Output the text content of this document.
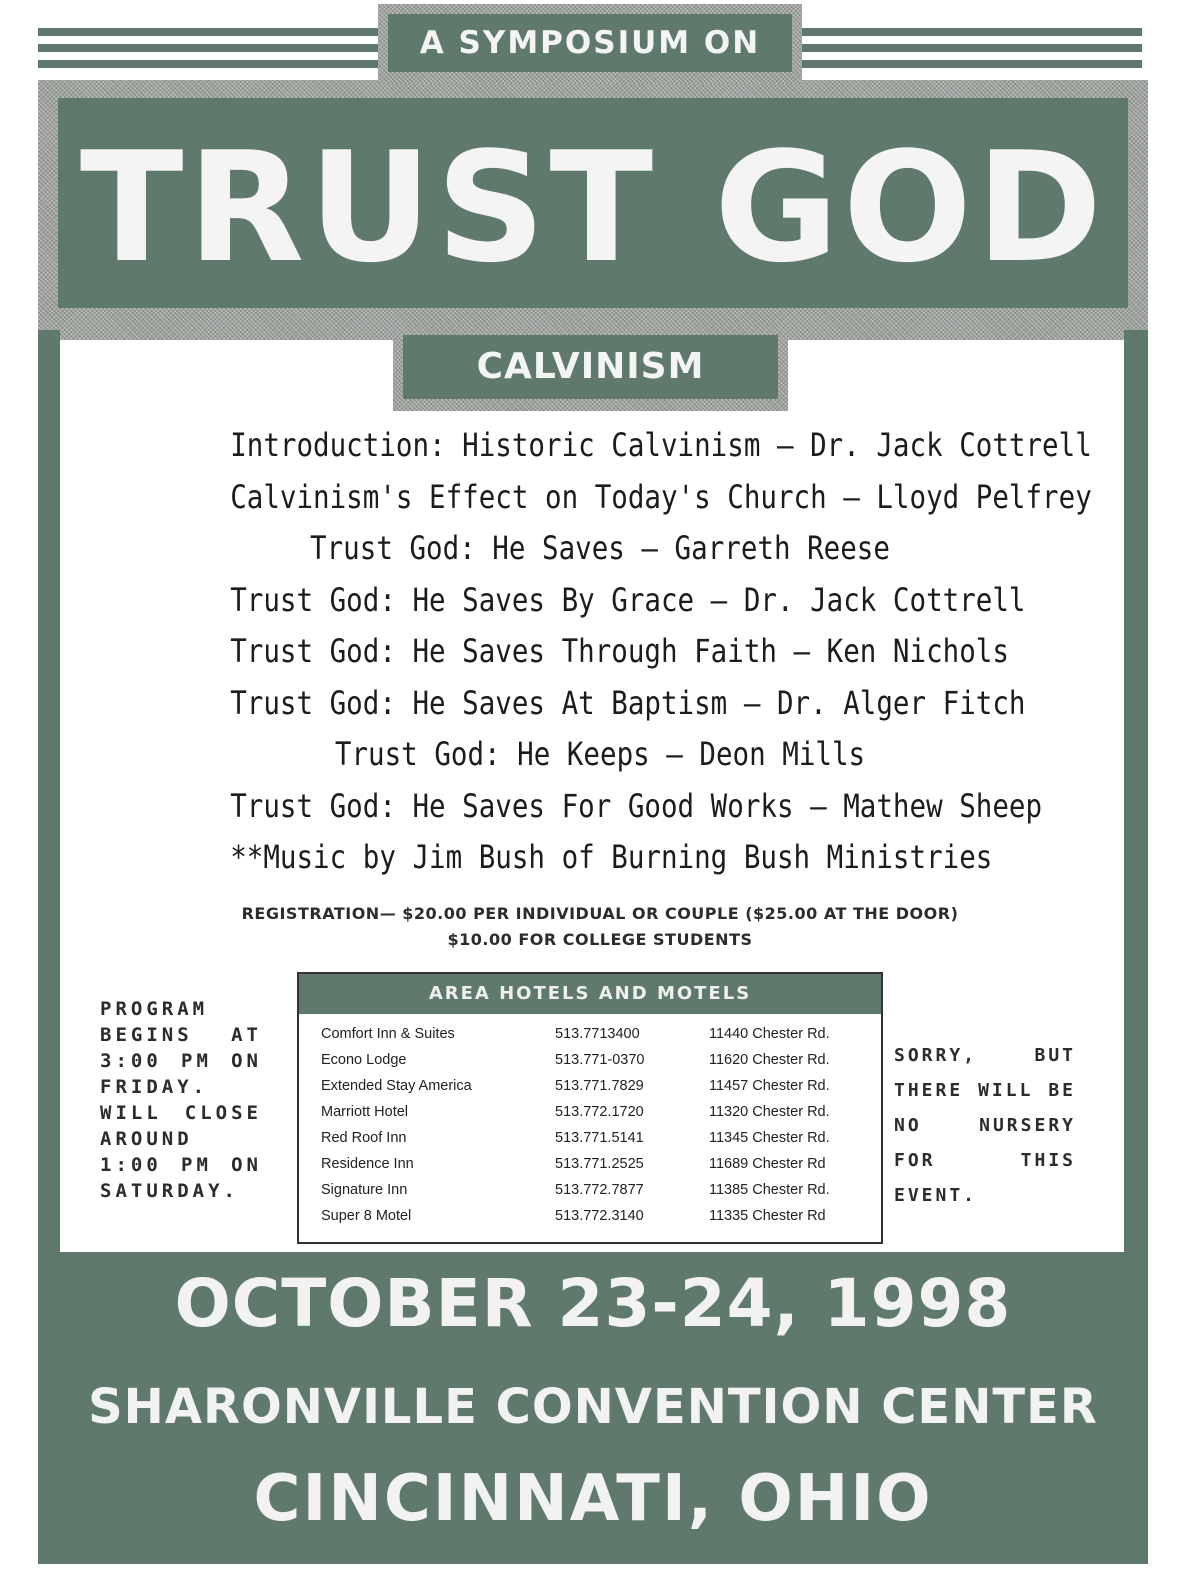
A SYMPOSIUM ON
TRUST GOD
CALVINISM
Introduction: Historic Calvinism — Dr. Jack Cottrell
Calvinism's Effect on Today's Church — Lloyd Pelfrey
Trust God: He Saves — Garreth Reese
Trust God: He Saves By Grace — Dr. Jack Cottrell
Trust God: He Saves Through Faith — Ken Nichols
Trust God: He Saves At Baptism — Dr. Alger Fitch
Trust God: He Keeps — Deon Mills
Trust God: He Saves For Good Works — Mathew Sheep
**Music by Jim Bush of Burning Bush Ministries
REGISTRATION— $20.00 PER INDIVIDUAL OR COUPLE ($25.00 AT THE DOOR)
$10.00 FOR COLLEGE STUDENTS
PROGRAM BEGINS AT 3:00 PM ON FRIDAY. WILL CLOSE AROUND 1:00 PM ON SATURDAY.
AREA HOTELS AND MOTELS
Comfort Inn & Suites	513.7713400	11440 Chester Rd.
Econo Lodge	513.771-0370	11620 Chester Rd.
Extended Stay America	513.771.7829	11457 Chester Rd.
Marriott Hotel	513.772.1720	11320 Chester Rd.
Red Roof Inn	513.771.5141	11345 Chester Rd.
Residence Inn	513.771.2525	11689 Chester Rd
Signature Inn	513.772.7877	11385 Chester Rd.
Super 8 Motel	513.772.3140	11335 Chester Rd
SORRY, BUT THERE WILL BE NO NURSERY FOR THIS EVENT.
OCTOBER 23-24, 1998
SHARONVILLE CONVENTION CENTER
CINCINNATI, OHIO
